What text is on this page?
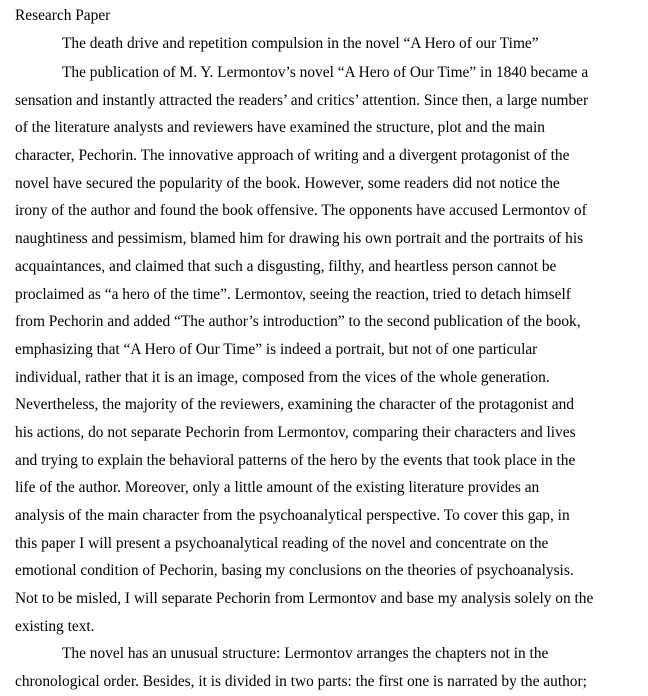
Research Paper
The death drive and repetition compulsion in the novel “A Hero of our Time”
The publication of M. Y. Lermontov’s novel “A Hero of Our Time” in 1840 became a
sensation and instantly attracted the readers’ and critics’ attention. Since then, a large number
of the literature analysts and reviewers have examined the structure, plot and the main
character, Pechorin. The innovative approach of writing and a divergent protagonist of the
novel have secured the popularity of the book. However, some readers did not notice the
irony of the author and found the book offensive. The opponents have accused Lermontov of
naughtiness and pessimism, blamed him for drawing his own portrait and the portraits of his
acquaintances, and claimed that such a disgusting, filthy, and heartless person cannot be
proclaimed as “a hero of the time”. Lermontov, seeing the reaction, tried to detach himself
from Pechorin and added “The author’s introduction” to the second publication of the book,
emphasizing that “A Hero of Our Time” is indeed a portrait, but not of one particular
individual, rather that it is an image, composed from the vices of the whole generation.
Nevertheless, the majority of the reviewers, examining the character of the protagonist and
his actions, do not separate Pechorin from Lermontov, comparing their characters and lives
and trying to explain the behavioral patterns of the hero by the events that took place in the
life of the author. Moreover, only a little amount of the existing literature provides an
analysis of the main character from the psychoanalytical perspective. To cover this gap, in
this paper I will present a psychoanalytical reading of the novel and concentrate on the
emotional condition of Pechorin, basing my conclusions on the theories of psychoanalysis.
Not to be misled, I will separate Pechorin from Lermontov and base my analysis solely on the
existing text.
The novel has an unusual structure: Lermontov arranges the chapters not in the
chronological order. Besides, it is divided in two parts: the first one is narrated by the author;
